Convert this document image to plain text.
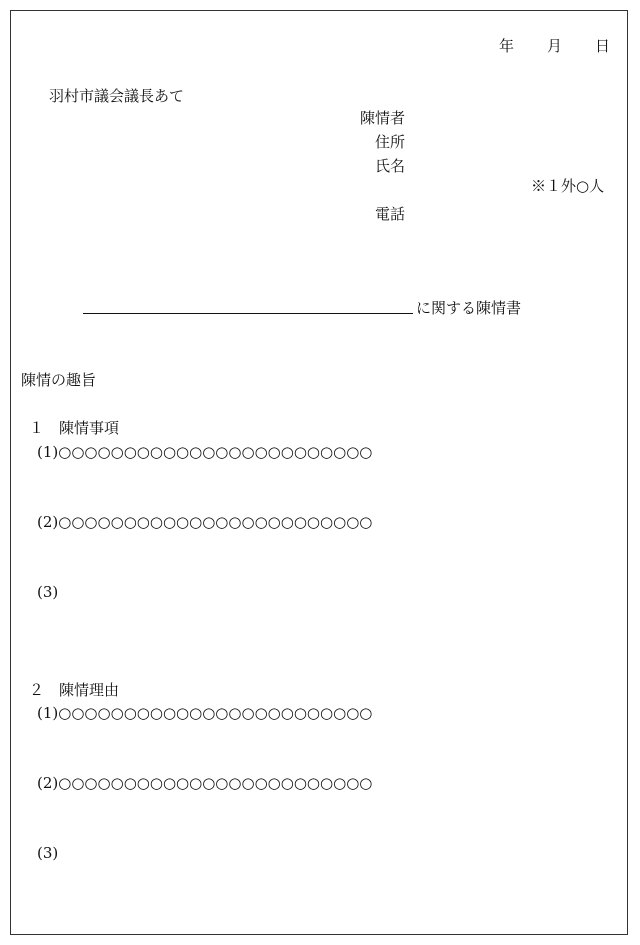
年　　月　　日
羽村市議会議長あて
陳情者
住所
氏名
※１外○人
電話
に関する陳情書
陳情の趣旨
１　陳情事項
(1)○○○○○○○○○○○○○○○○○○○○○○○○
(2)○○○○○○○○○○○○○○○○○○○○○○○○
(3)
２　陳情理由
(1)○○○○○○○○○○○○○○○○○○○○○○○○
(2)○○○○○○○○○○○○○○○○○○○○○○○○
(3)
